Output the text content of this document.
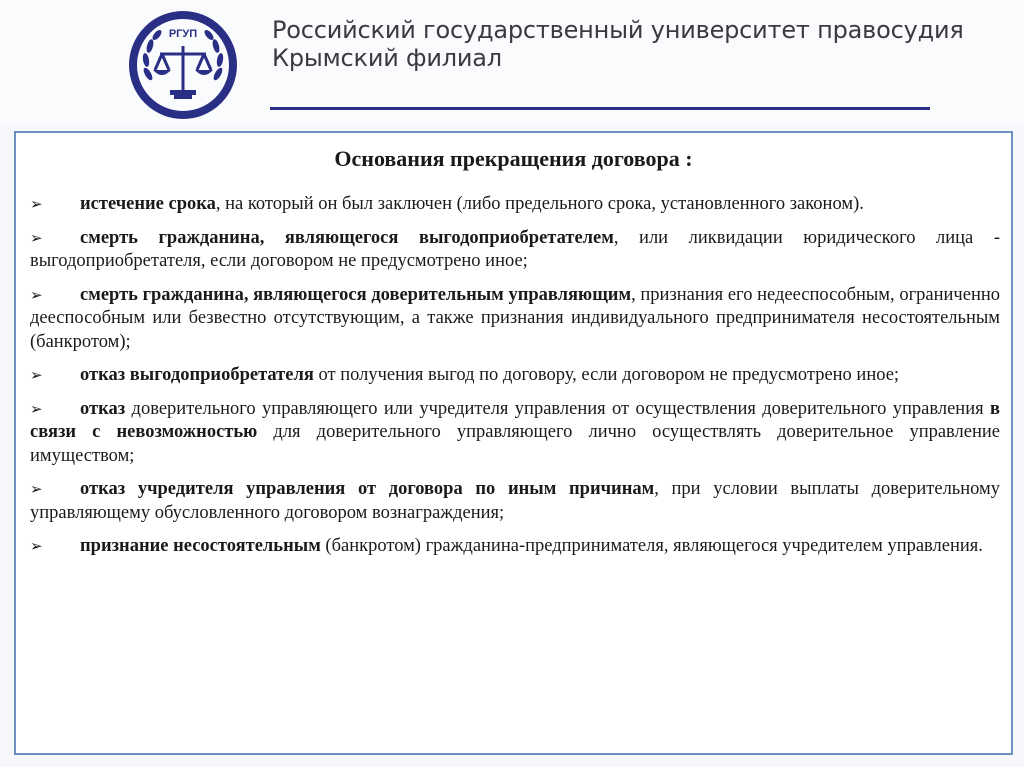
РГУП	Российский государственный университет правосудия
Крымский филиал

Основания прекращения договора :

➢ истечение срока, на который он был заключен (либо предельного срока, установленного законом).
➢ смерть гражданина, являющегося выгодоприобретателем, или ликвидации юридического лица - выгодоприобретателя, если договором не предусмотрено иное;
➢ смерть гражданина, являющегося доверительным управляющим, признания его недееспособным, ограниченно дееспособным или безвестно отсутствующим, а также признания индивидуального предпринимателя несостоятельным (банкротом);
➢ отказ выгодоприобретателя от получения выгод по договору, если договором не предусмотрено иное;
➢ отказ доверительного управляющего или учредителя управления от осуществления доверительного управления в связи с невозможностью для доверительного управляющего лично осуществлять доверительное управление имуществом;
➢ отказ учредителя управления от договора по иным причинам, при условии выплаты доверительному управляющему обусловленного договором вознаграждения;
➢ признание несостоятельным (банкротом) гражданина-предпринимателя, являющегося учредителем управления.
